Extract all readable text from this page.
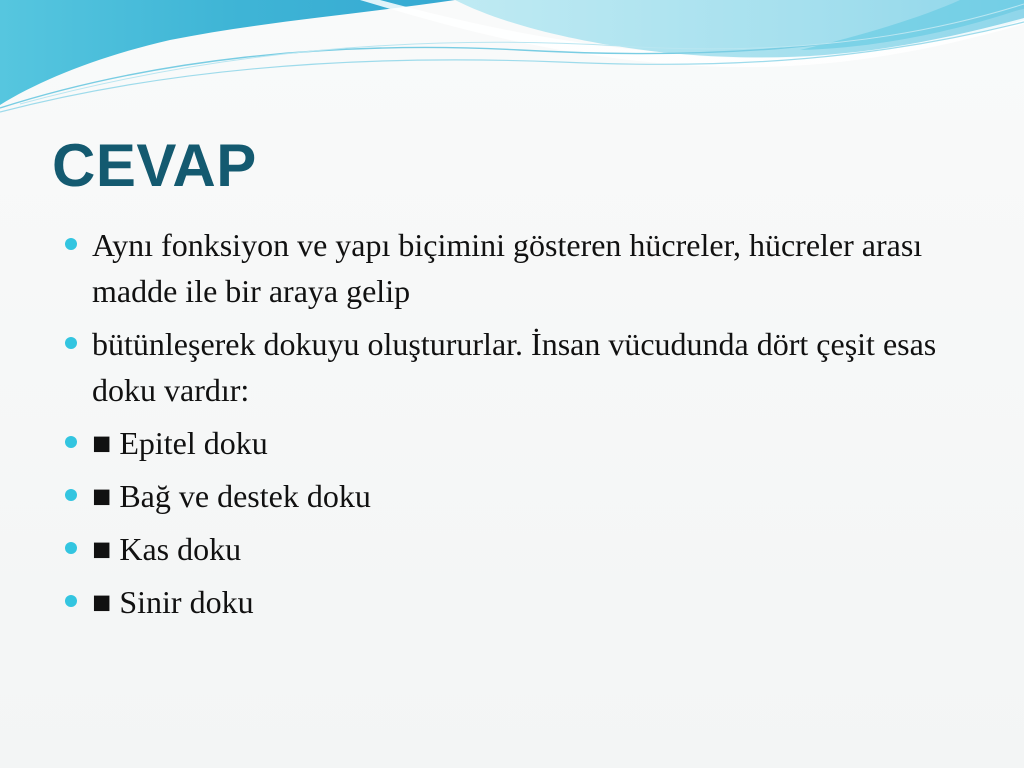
CEVAP
Aynı fonksiyon ve yapı biçimini gösteren hücreler, hücreler arası madde ile bir araya gelip
bütünleşerek dokuyu oluştururlar. İnsan vücudunda dört çeşit esas doku vardır:
■ Epitel doku
■ Bağ ve destek doku
■ Kas doku
■ Sinir doku
